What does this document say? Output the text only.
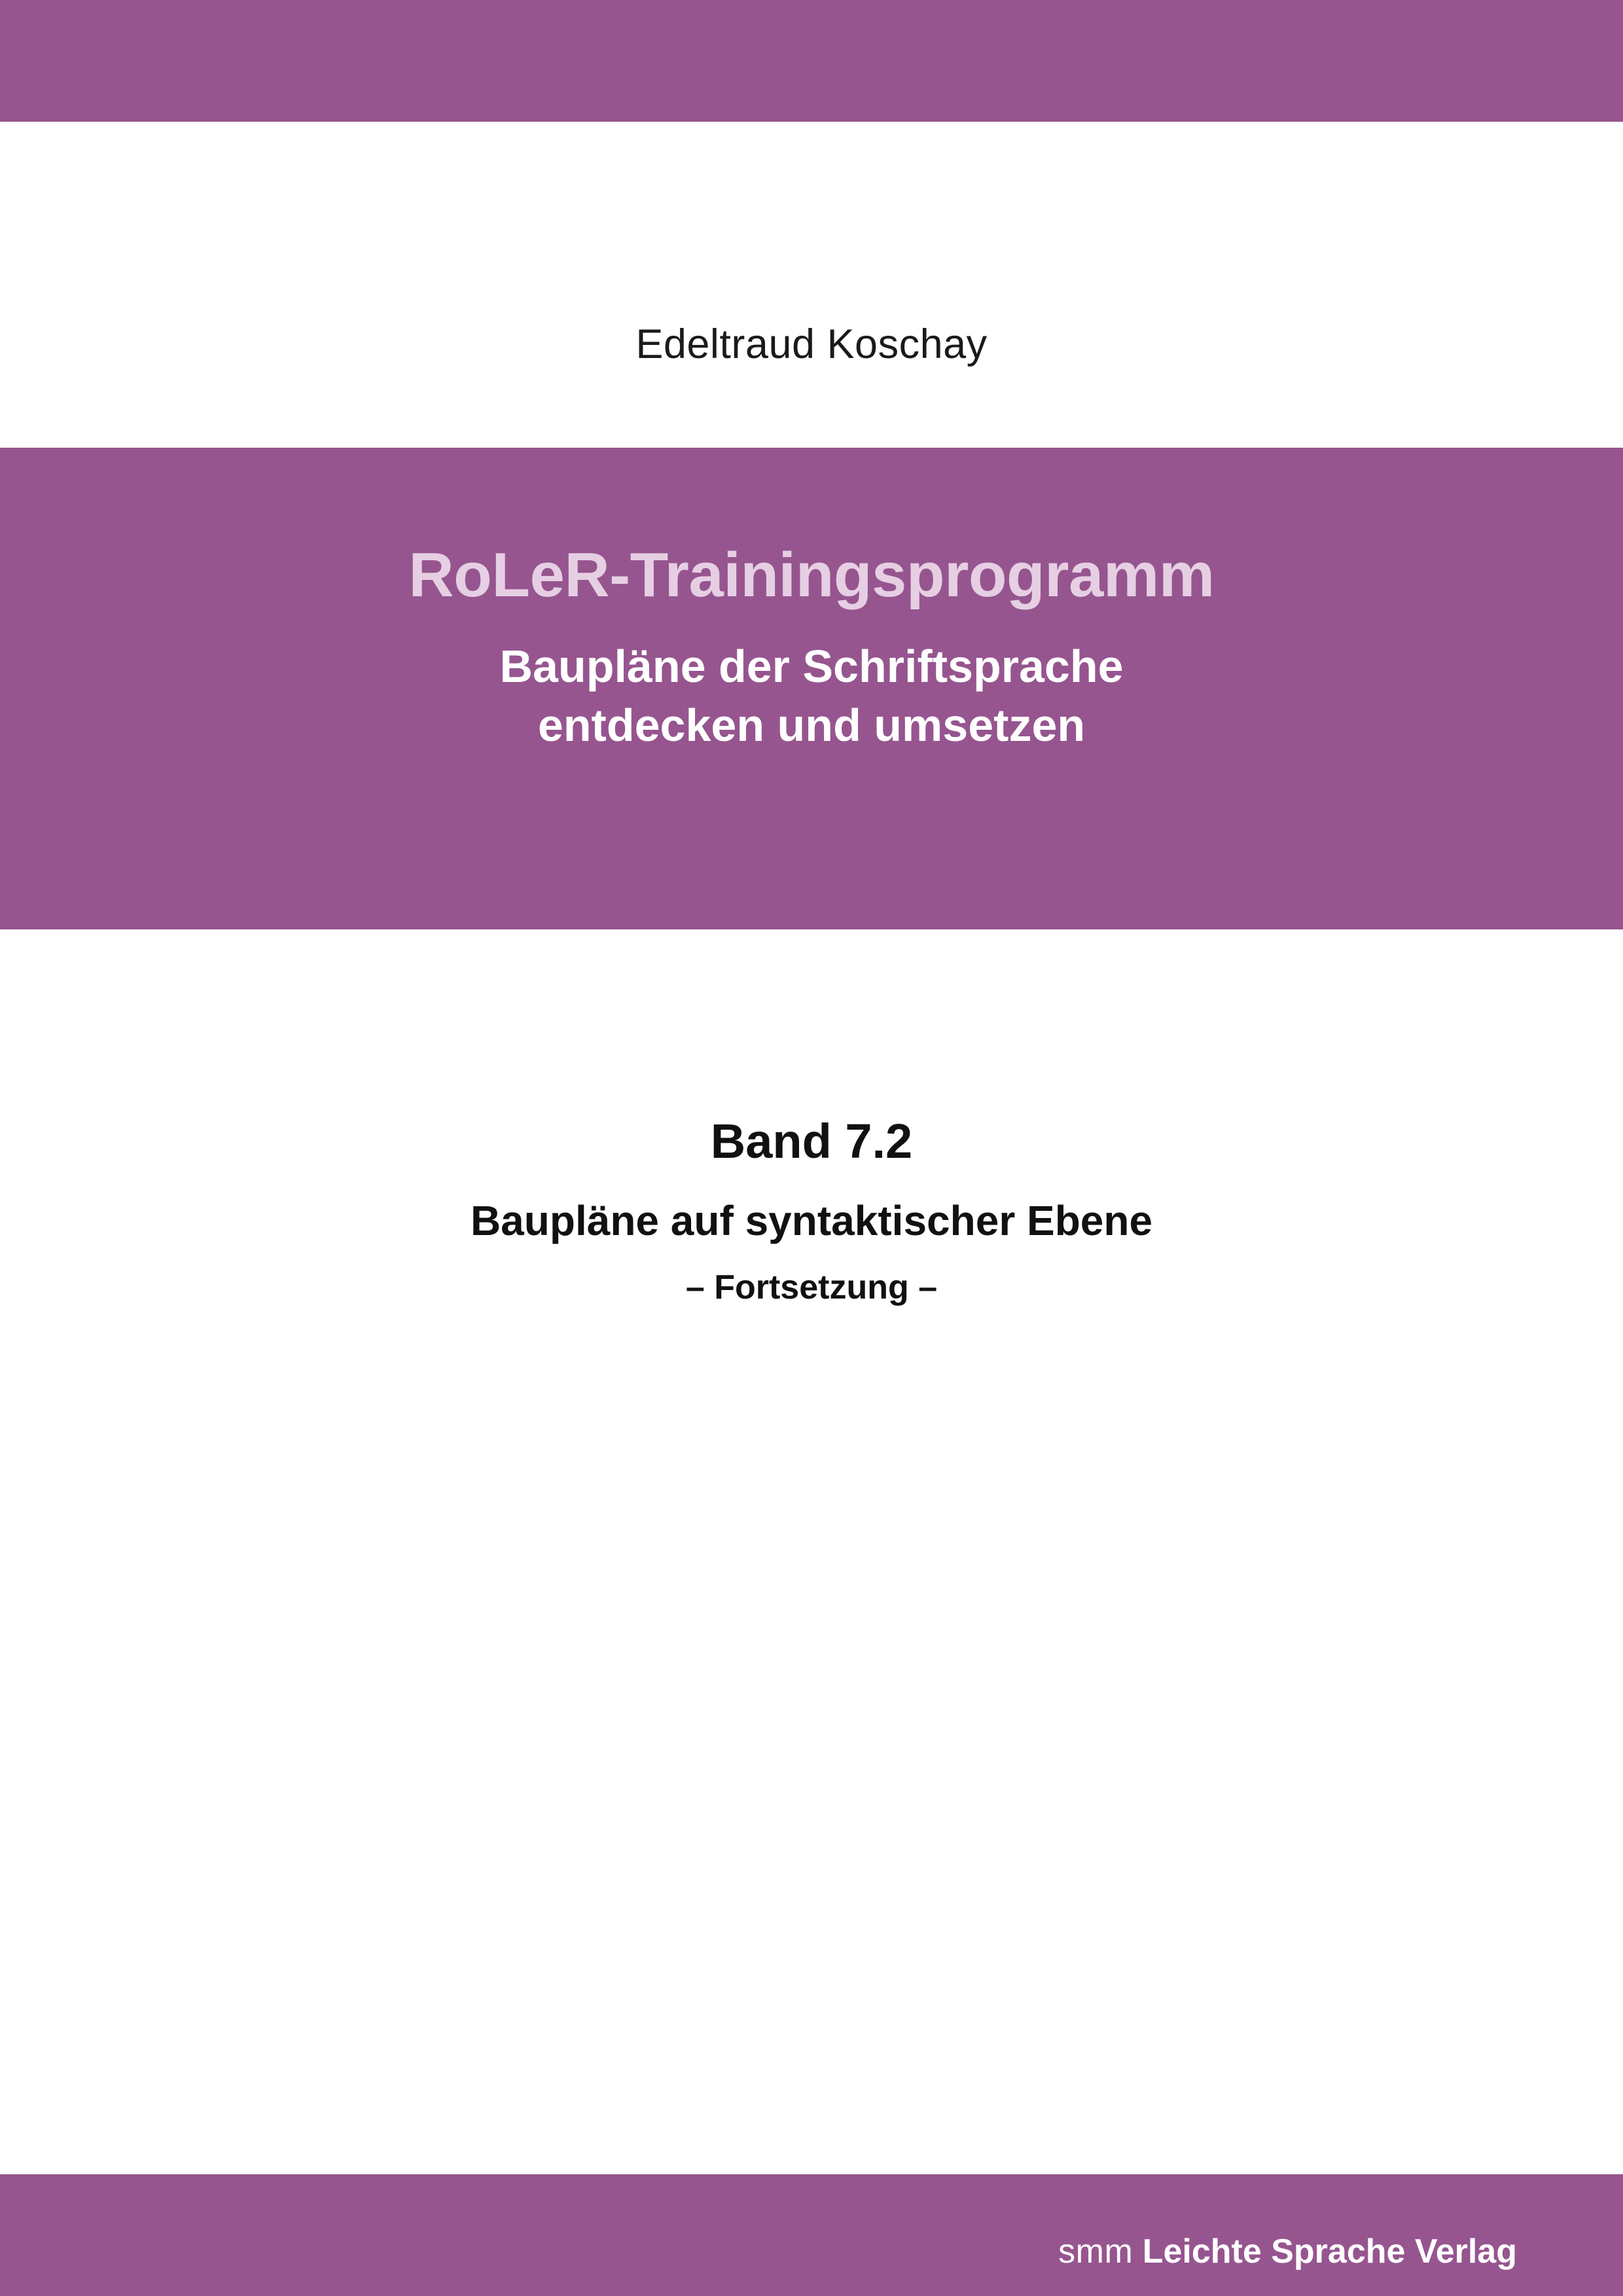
Edeltraud Koschay
RoLeR-Trainingsprogramm
Baupläne der Schriftsprache
entdecken und umsetzen
Band 7.2
Baupläne auf syntaktischer Ebene
– Fortsetzung –
smm Leichte Sprache Verlag
